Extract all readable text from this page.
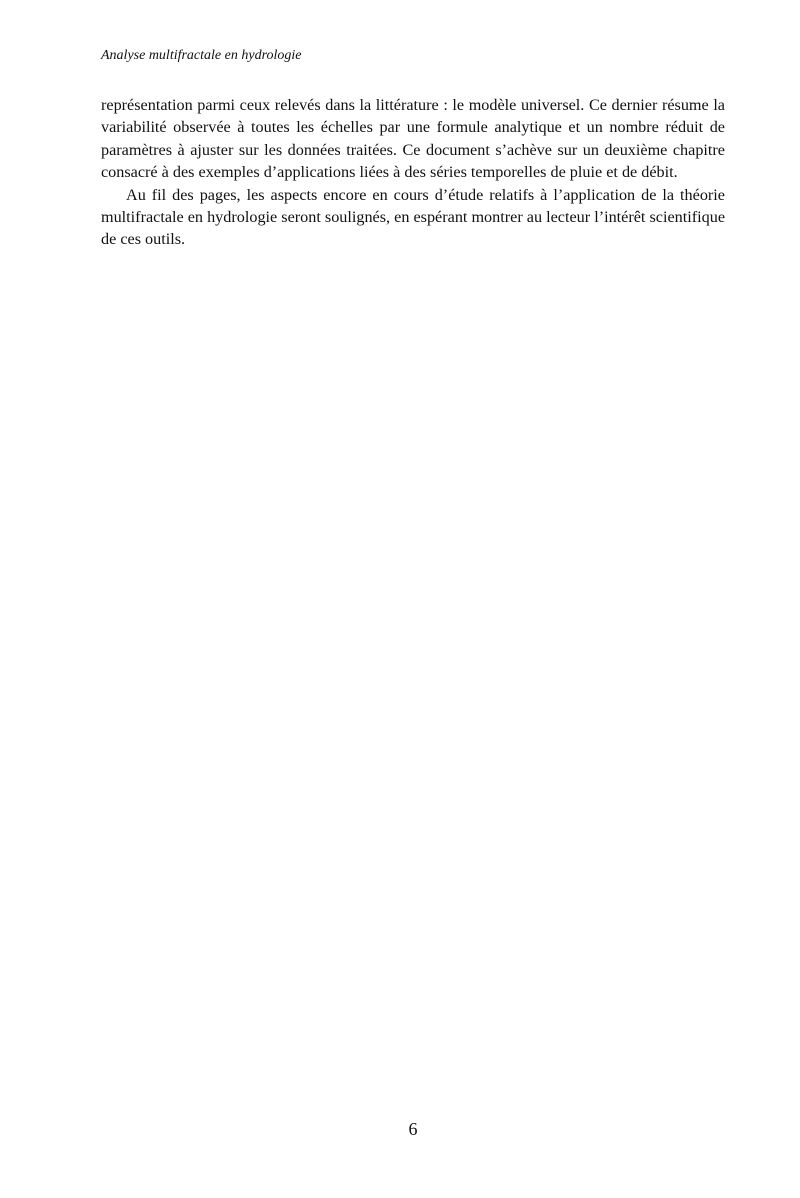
Analyse multifractale en hydrologie

représentation parmi ceux relevés dans la littérature : le modèle universel. Ce dernier résume la variabilité observée à toutes les échelles par une formule analytique et un nombre réduit de paramètres à ajuster sur les données traitées. Ce document s’achève sur un deuxième chapitre consacré à des exemples d’applications liées à des séries temporelles de pluie et de débit.

Au fil des pages, les aspects encore en cours d’étude relatifs à l’application de la théorie multifractale en hydrologie seront soulignés, en espérant montrer au lecteur l’intérêt scientifique de ces outils.

6
